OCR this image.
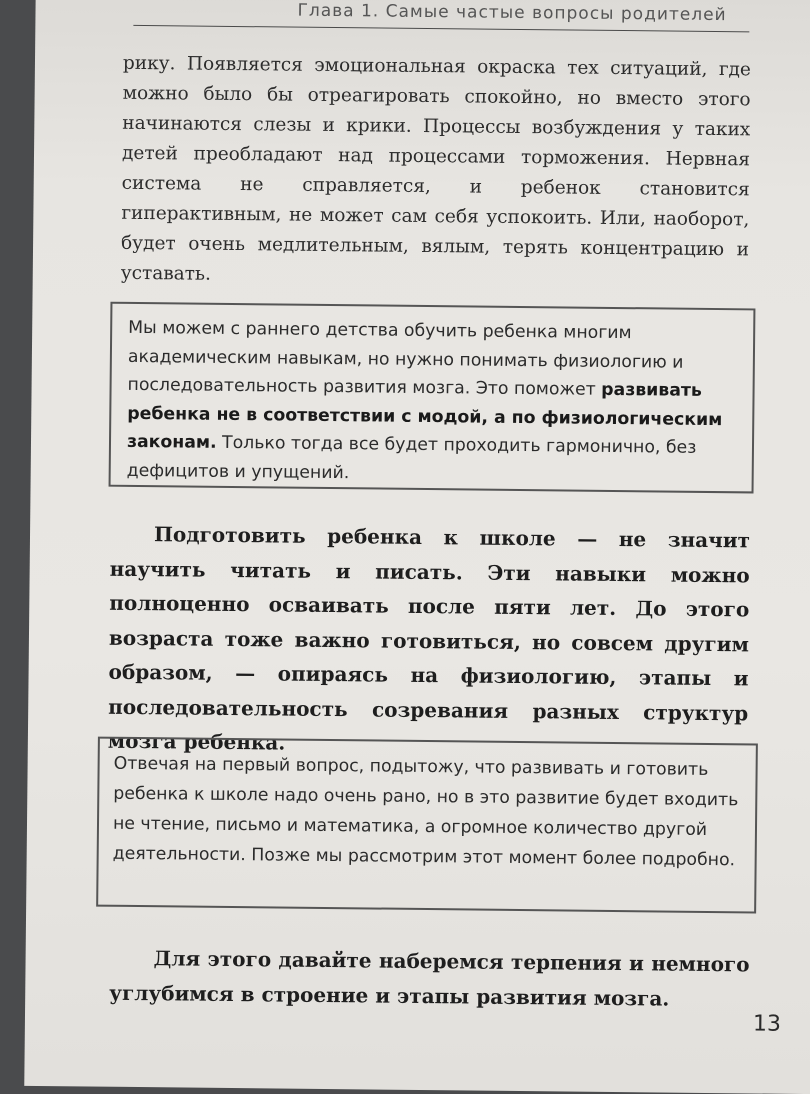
Глава 1. Самые частые вопросы родителей
рику. Появляется эмоциональная окраска тех ситуаций, где можно было бы отреагировать спокойно, но вместо этого начинаются слезы и крики. Процессы возбуждения у таких детей преобладают над процессами торможения. Нервная система не справляется, и ребенок становится гиперактивным, не может сам себя успокоить. Или, наоборот, будет очень медлительным, вялым, терять концентрацию и уставать.
Мы можем с раннего детства обучить ребенка многим академическим навыкам, но нужно понимать физиологию и последовательность развития мозга. Это поможет развивать ребенка не в соответствии с модой, а по физиологическим законам. Только тогда все будет проходить гармонично, без дефицитов и упущений.
Подготовить ребенка к школе — не значит научить читать и писать. Эти навыки можно полноценно осваивать после пяти лет. До этого возраста тоже важно готовиться, но совсем другим образом, — опираясь на физиологию, этапы и последовательность созревания разных структур мозга ребенка.
Отвечая на первый вопрос, подытожу, что развивать и готовить ребенка к школе надо очень рано, но в это развитие будет входить не чтение, письмо и математика, а огромное количество другой деятельности. Позже мы рассмотрим этот момент более подробно.
Для этого давайте наберемся терпения и немного углубимся в строение и этапы развития мозга.
13
